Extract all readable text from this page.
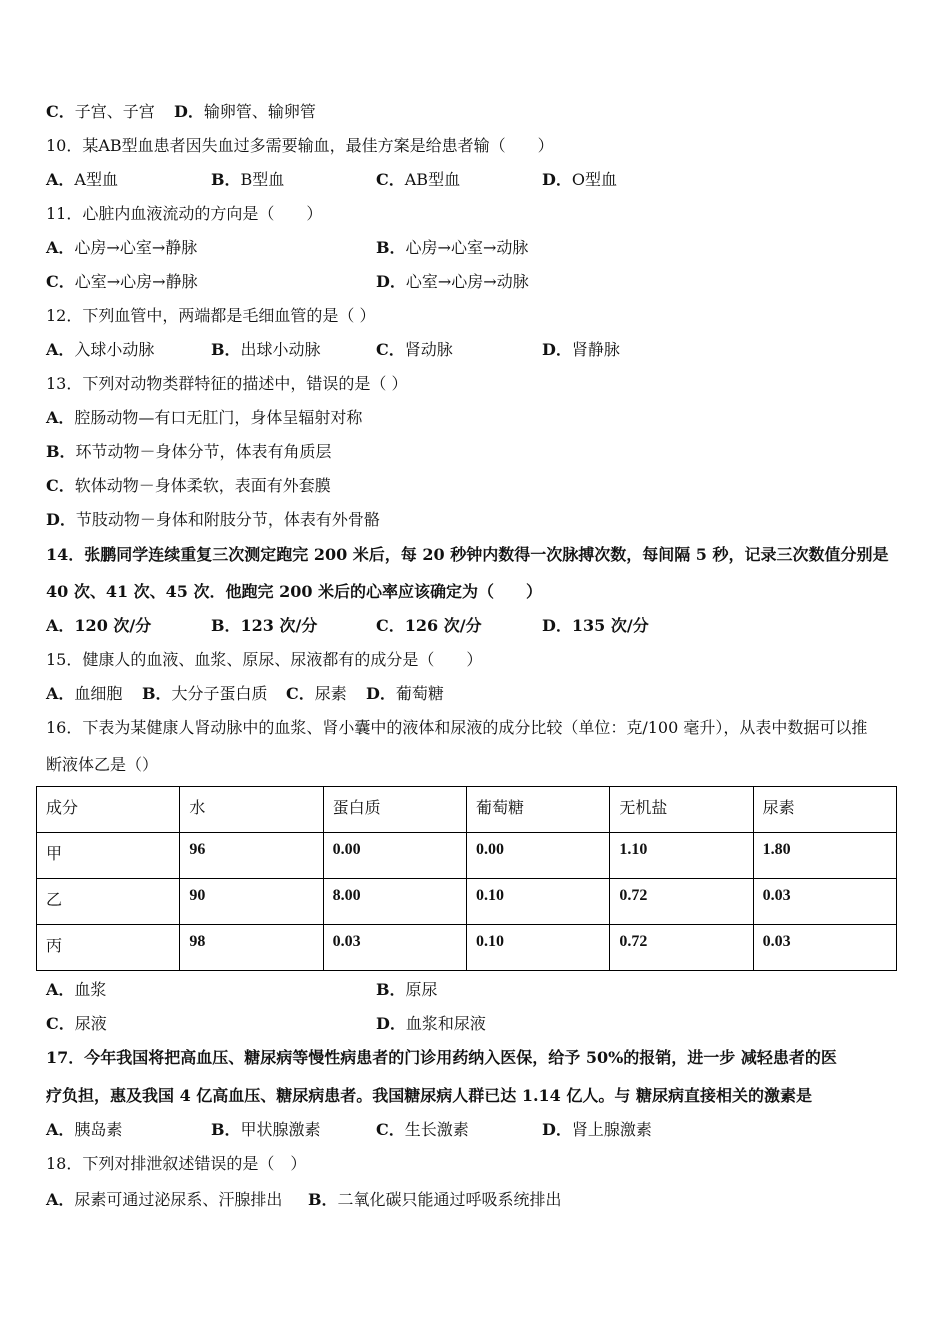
C．子宫、子宫 D．输卵管、输卵管
10．某AB型血患者因失血过多需要输血，最佳方案是给患者输（　　）
A．A型血	B．B型血	C．AB型血	D．O型血
11．心脏内血液流动的方向是（　　）
A．心房→心室→静脉	B．心房→心室→动脉
C．心室→心房→静脉	D．心室→心房→动脉
12．下列血管中，两端都是毛细血管的是（ ）
A．入球小动脉	B．出球小动脉	C．肾动脉	D．肾静脉
13．下列对动物类群特征的描述中，错误的是（ ）
A．腔肠动物—有口无肛门，身体呈辐射对称
B．环节动物－身体分节，体表有角质层
C．软体动物－身体柔软，表面有外套膜
D．节肢动物－身体和附肢分节，体表有外骨骼
14．张鹏同学连续重复三次测定跑完 200 米后，每 20 秒钟内数得一次脉搏次数，每间隔 5 秒，记录三次数值分别是
40 次、41 次、45 次．他跑完 200 米后的心率应该确定为（　　）
A．120 次/分	B．123 次/分	C．126 次/分	D．135 次/分
15．健康人的血液、血浆、原尿、尿液都有的成分是（　　）
A．血细胞 B．大分子蛋白质 C．尿素 D．葡萄糖
16．下表为某健康人肾动脉中的血浆、肾小囊中的液体和尿液的成分比较（单位：克/100 毫升），从表中数据可以推
断液体乙是（）
成分	水	蛋白质	葡萄糖	无机盐	尿素
甲	96	0.00	0.00	1.10	1.80
乙	90	8.00	0.10	0.72	0.03
丙	98	0.03	0.10	0.72	0.03
A．血浆	B．原尿
C．尿液	D．血浆和尿液
17．今年我国将把高血压、糖尿病等慢性病患者的门诊用药纳入医保，给予 50%的报销，进一步 减轻患者的医
疗负担，惠及我国 4 亿高血压、糖尿病患者。我国糖尿病人群已达 1.14 亿人。与 糖尿病直接相关的激素是
A．胰岛素	B．甲状腺激素	C．生长激素	D．肾上腺激素
18．下列对排泄叙述错误的是（　）
A．尿素可通过泌尿系、汗腺排出 B．二氧化碳只能通过呼吸系统排出
